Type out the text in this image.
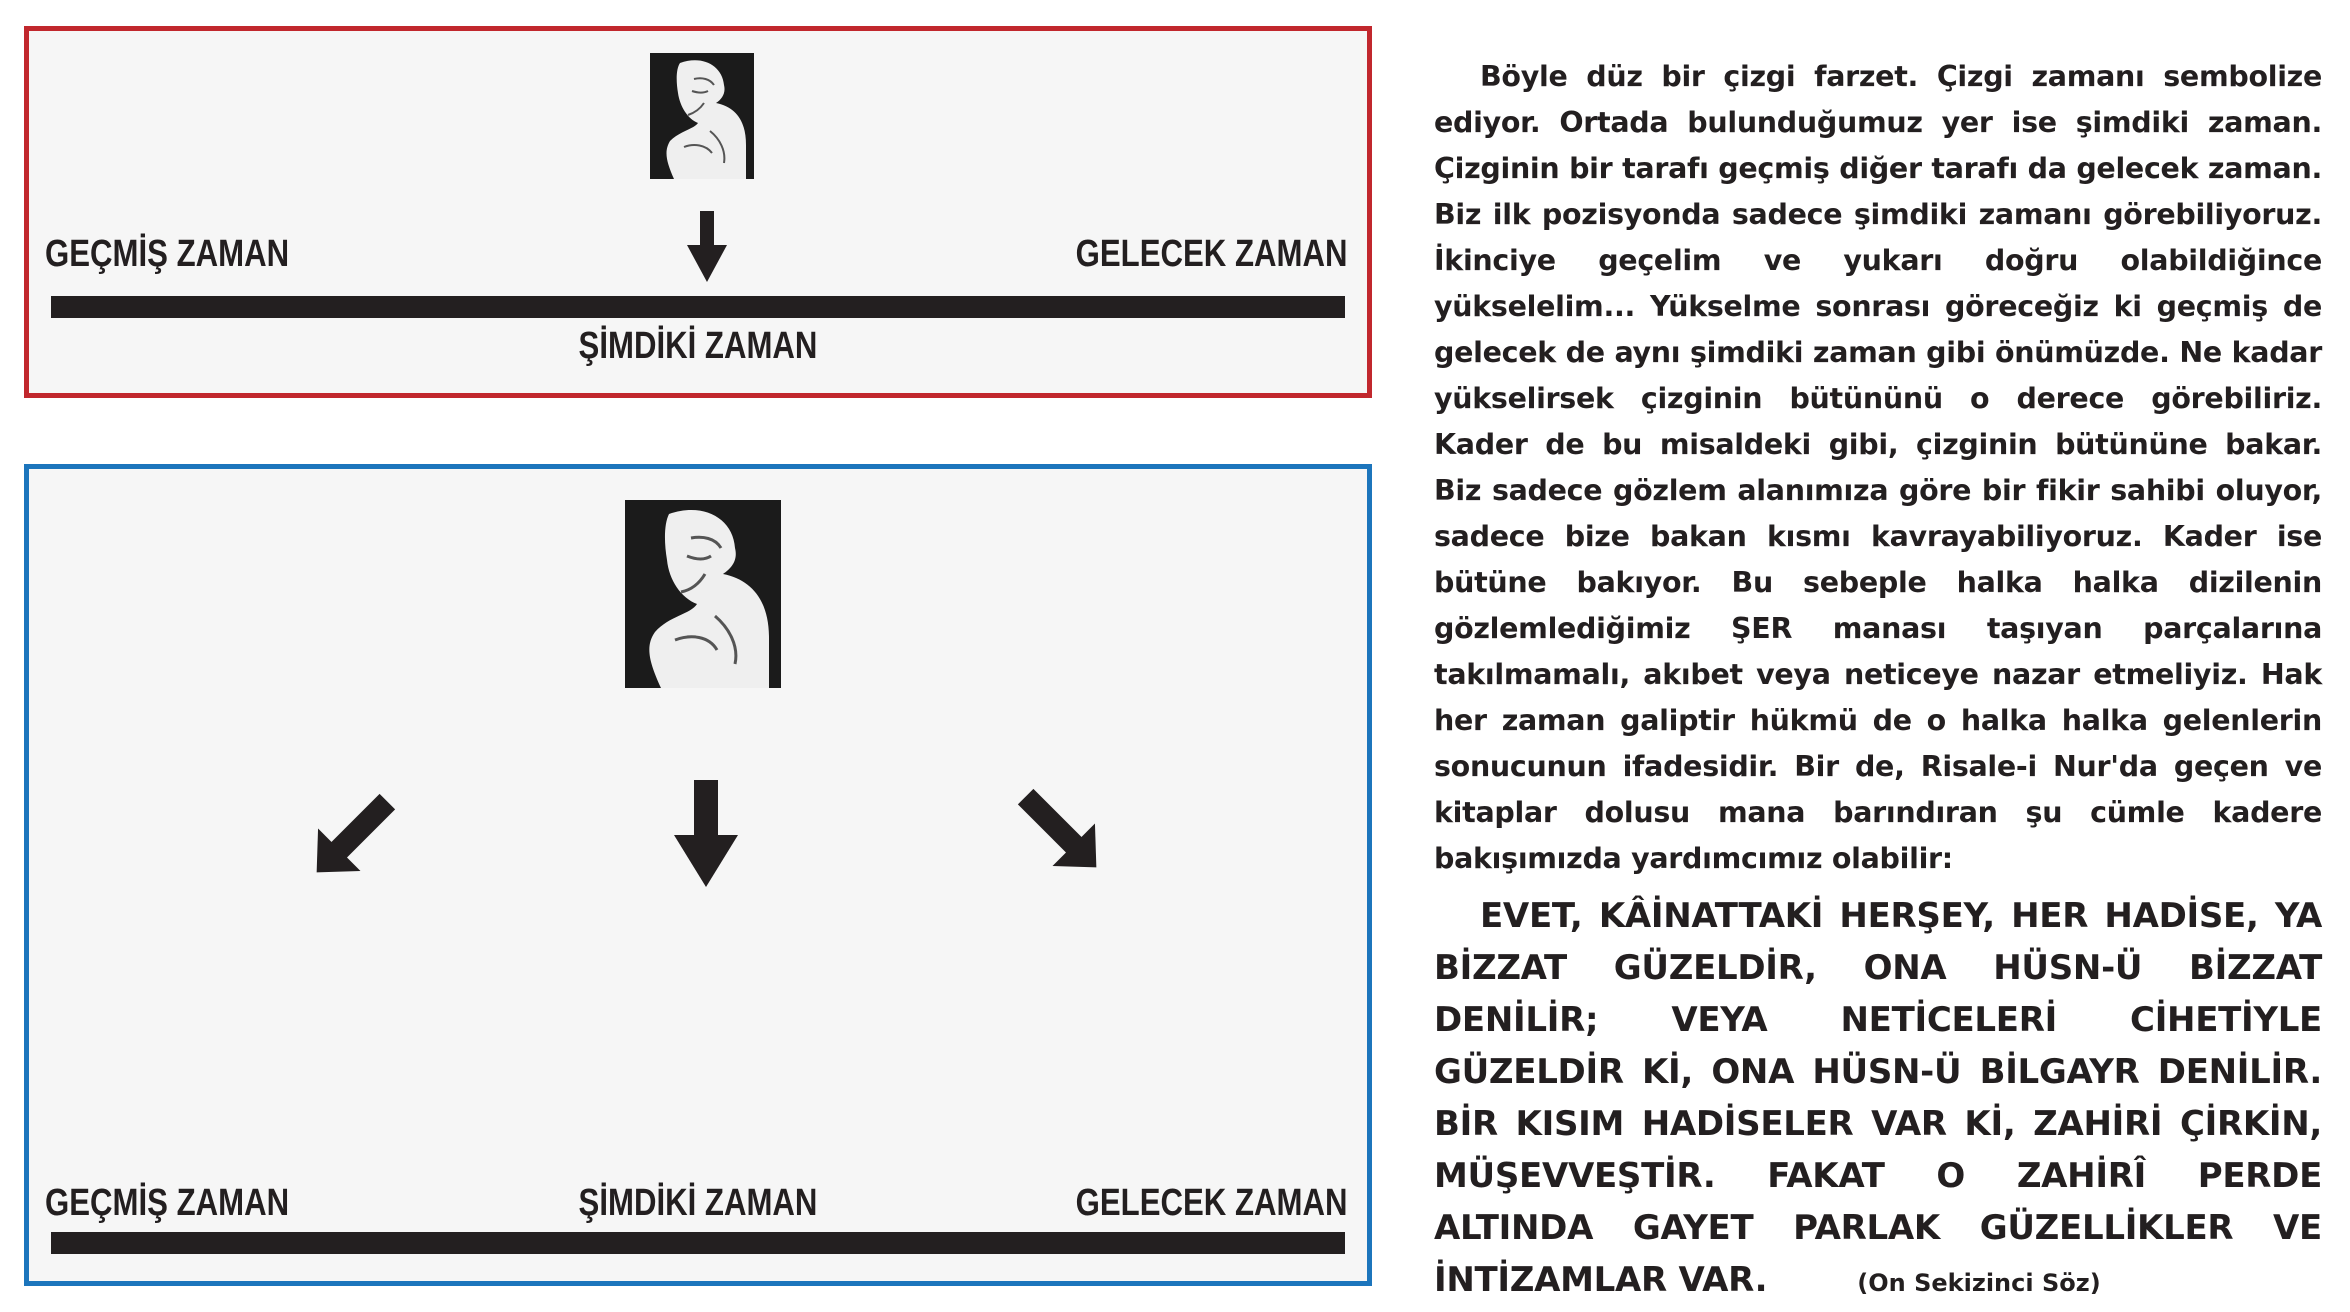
GEÇMİŞ ZAMAN	GELECEK ZAMAN

ŞİMDİKİ ZAMAN

GEÇMİŞ ZAMAN	ŞİMDİKİ ZAMAN	GELECEK ZAMAN

Böyle düz bir çizgi farzet. Çizgi zamanı sembolize ediyor. Ortada bulunduğumuz yer ise şimdiki zaman. Çizginin bir tarafı geçmiş diğer tarafı da gelecek zaman. Biz ilk pozisyonda sadece şimdiki zamanı görebiliyoruz. İkinciye geçelim ve yukarı doğru olabildiğince yükselelim... Yükselme sonrası göreceğiz ki geçmiş de gelecek de aynı şimdiki zaman gibi önümüzde. Ne kadar yükselirsek çizginin bütününü o derece görebiliriz. Kader de bu misaldeki gibi, çizginin bütününe bakar. Biz sadece gözlem alanımıza göre bir fikir sahibi oluyor, sadece bize bakan kısmı kavrayabiliyoruz. Kader ise bütüne bakıyor. Bu sebeple halka halka dizilenin gözlemlediğimiz ŞER manası taşıyan parçalarına takılmamalı, akıbet veya neticeye nazar etmeliyiz. Hak her zaman galiptir hükmü de o halka halka gelenlerin sonucunun ifadesidir. Bir de, Risale-i Nur'da geçen ve kitaplar dolusu mana barındıran şu cümle kadere bakışımızda yardımcımız olabilir:

EVET, KÂİNATTAKİ HERŞEY, HER HADİSE, YA BİZZAT GÜZELDİR, ONA HÜSN-Ü BİZZAT DENİLİR; VEYA NETİCELERİ CİHETİYLE GÜZELDİR Kİ, ONA HÜSN-Ü BİLGAYR DENİLİR. BİR KISIM HADİSELER VAR Kİ, ZAHİRİ ÇİRKİN, MÜŞEVVEŞTİR. FAKAT O ZAHİRÎ PERDE ALTINDA GAYET PARLAK GÜZELLİKLER VE İNTİZAMLAR VAR.	(On Sekizinci Söz)
